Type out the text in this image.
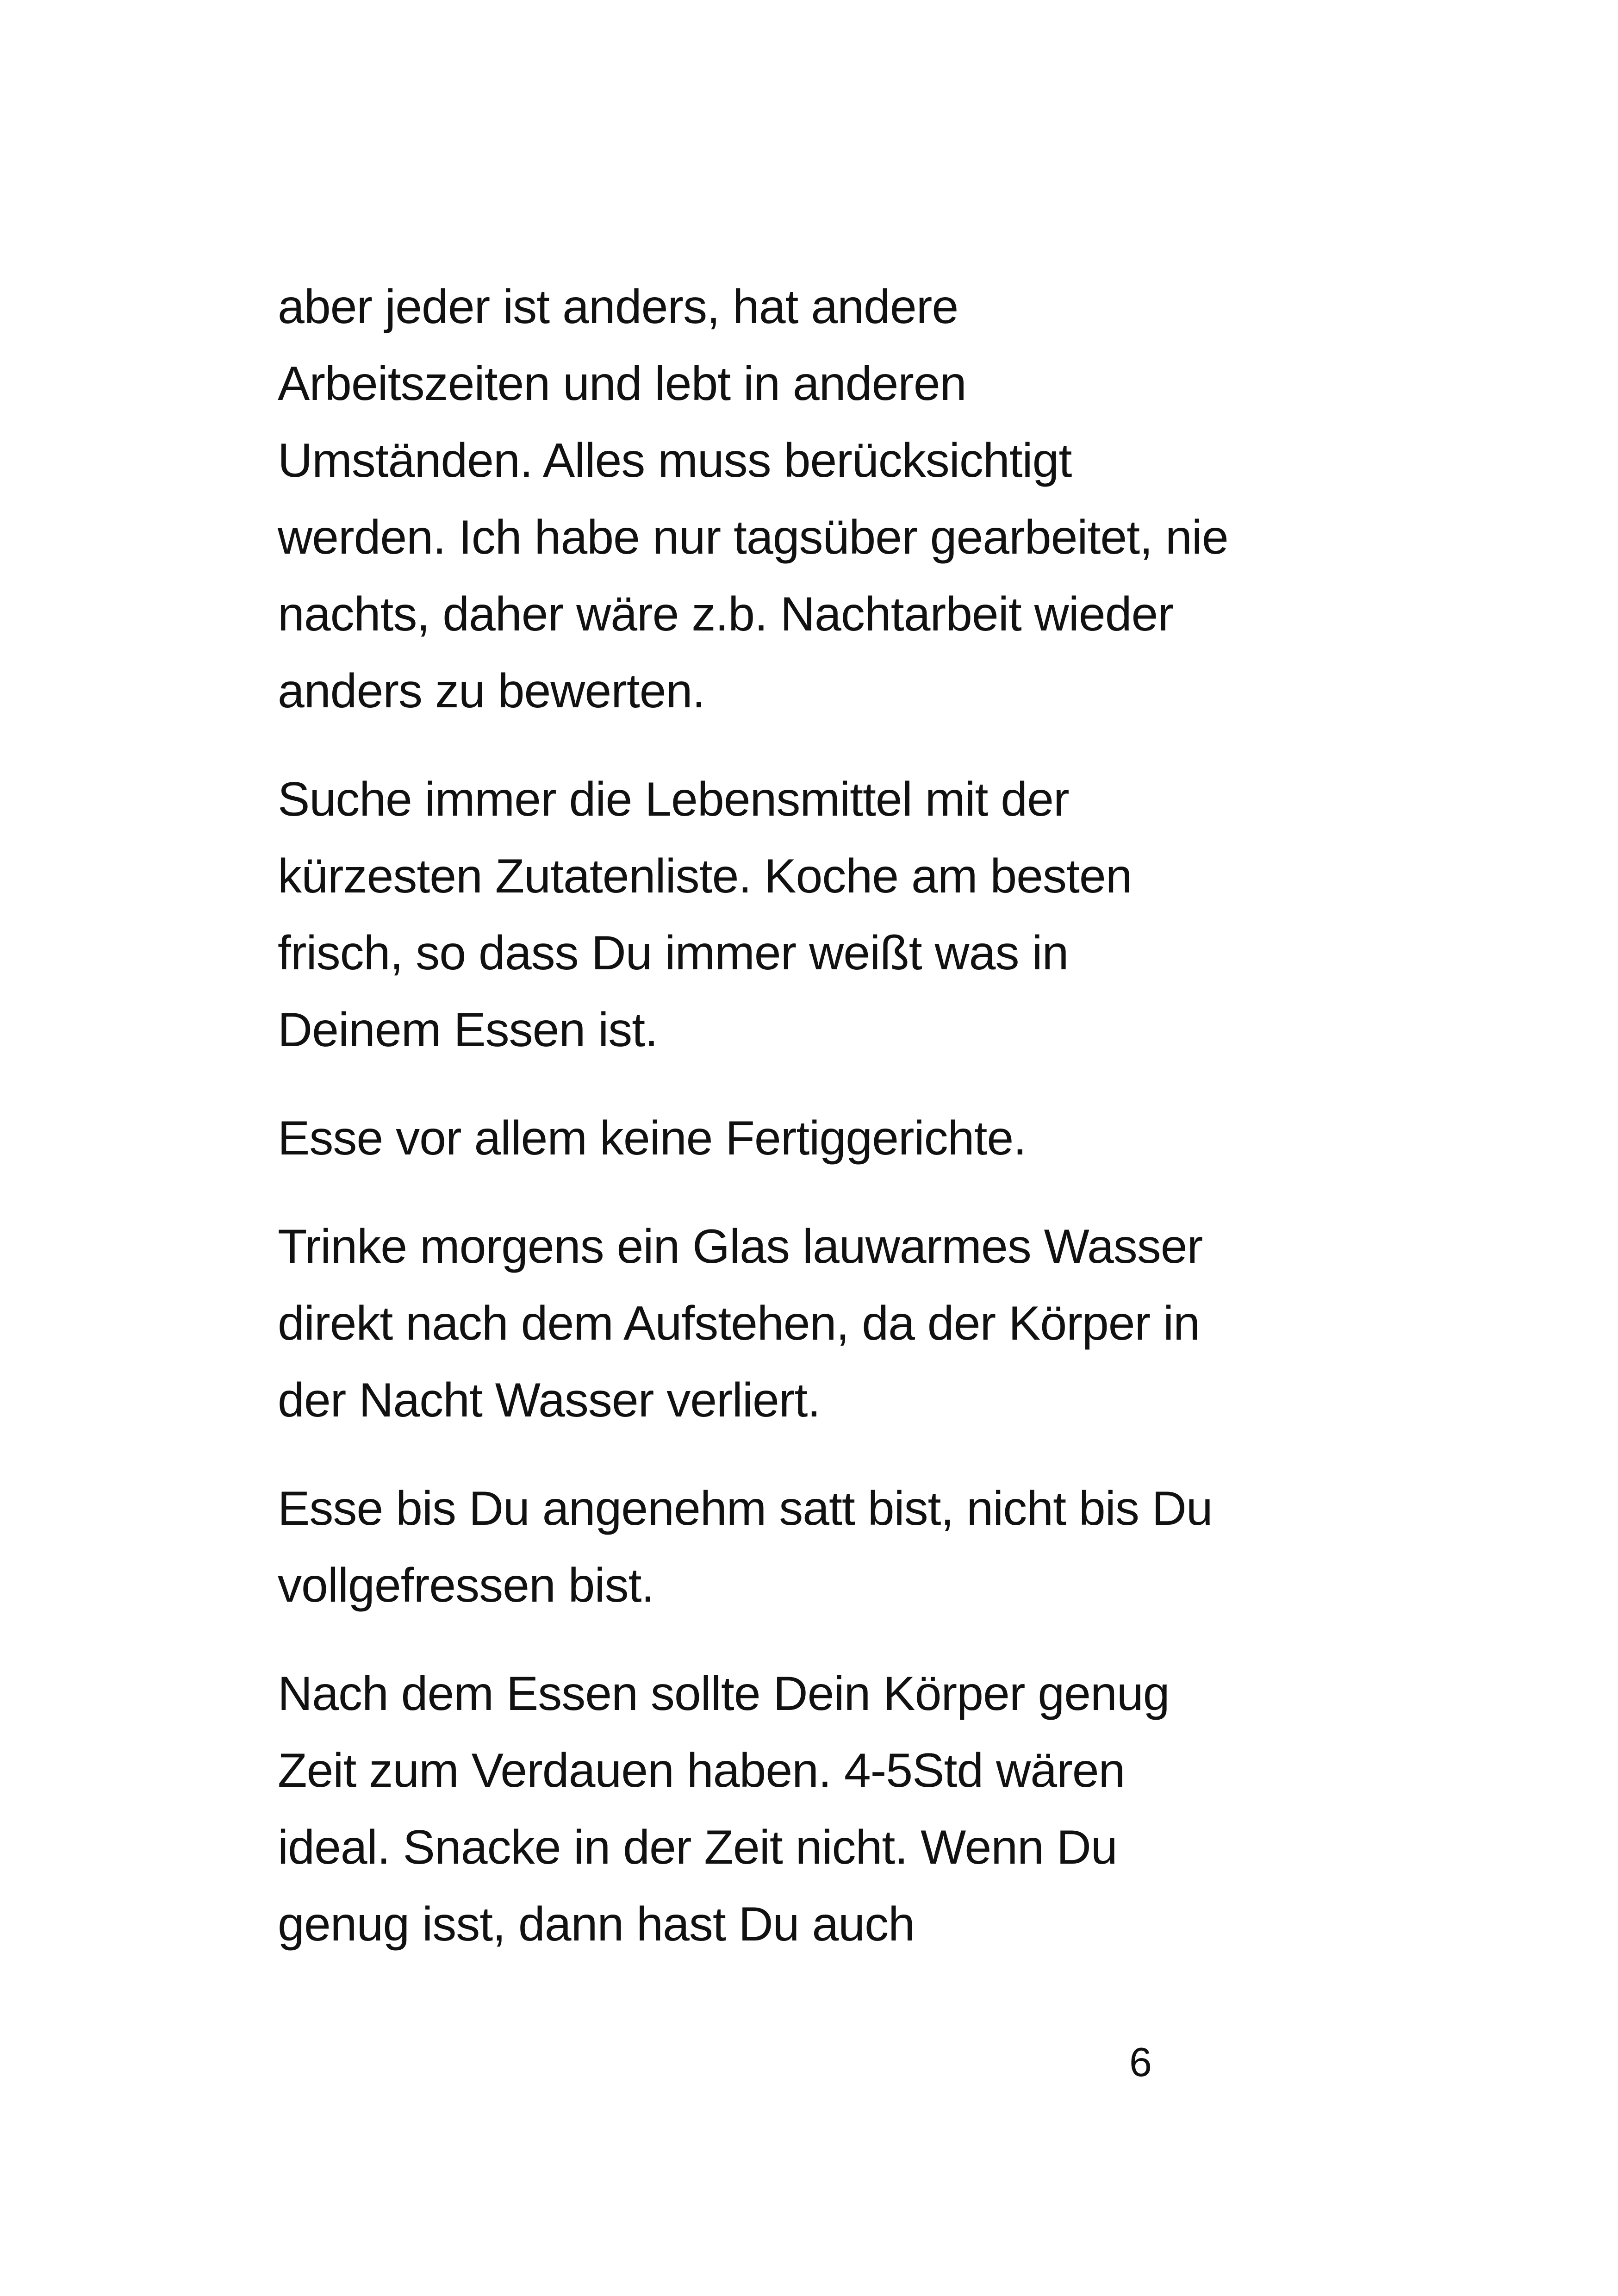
aber jeder ist anders, hat andere
Arbeitszeiten und lebt in anderen
Umständen. Alles muss berücksichtigt
werden. Ich habe nur tagsüber gearbeitet, nie
nachts, daher wäre z.b. Nachtarbeit wieder
anders zu bewerten.
Suche immer die Lebensmittel mit der
kürzesten Zutatenliste. Koche am besten
frisch, so dass Du immer weißt was in
Deinem Essen ist.
Esse vor allem keine Fertiggerichte.
Trinke morgens ein Glas lauwarmes Wasser
direkt nach dem Aufstehen, da der Körper in
der Nacht Wasser verliert.
Esse bis Du angenehm satt bist, nicht bis Du
vollgefressen bist.
Nach dem Essen sollte Dein Körper genug
Zeit zum Verdauen haben. 4-5Std wären
ideal. Snacke in der Zeit nicht. Wenn Du
genug isst, dann hast Du auch
6
